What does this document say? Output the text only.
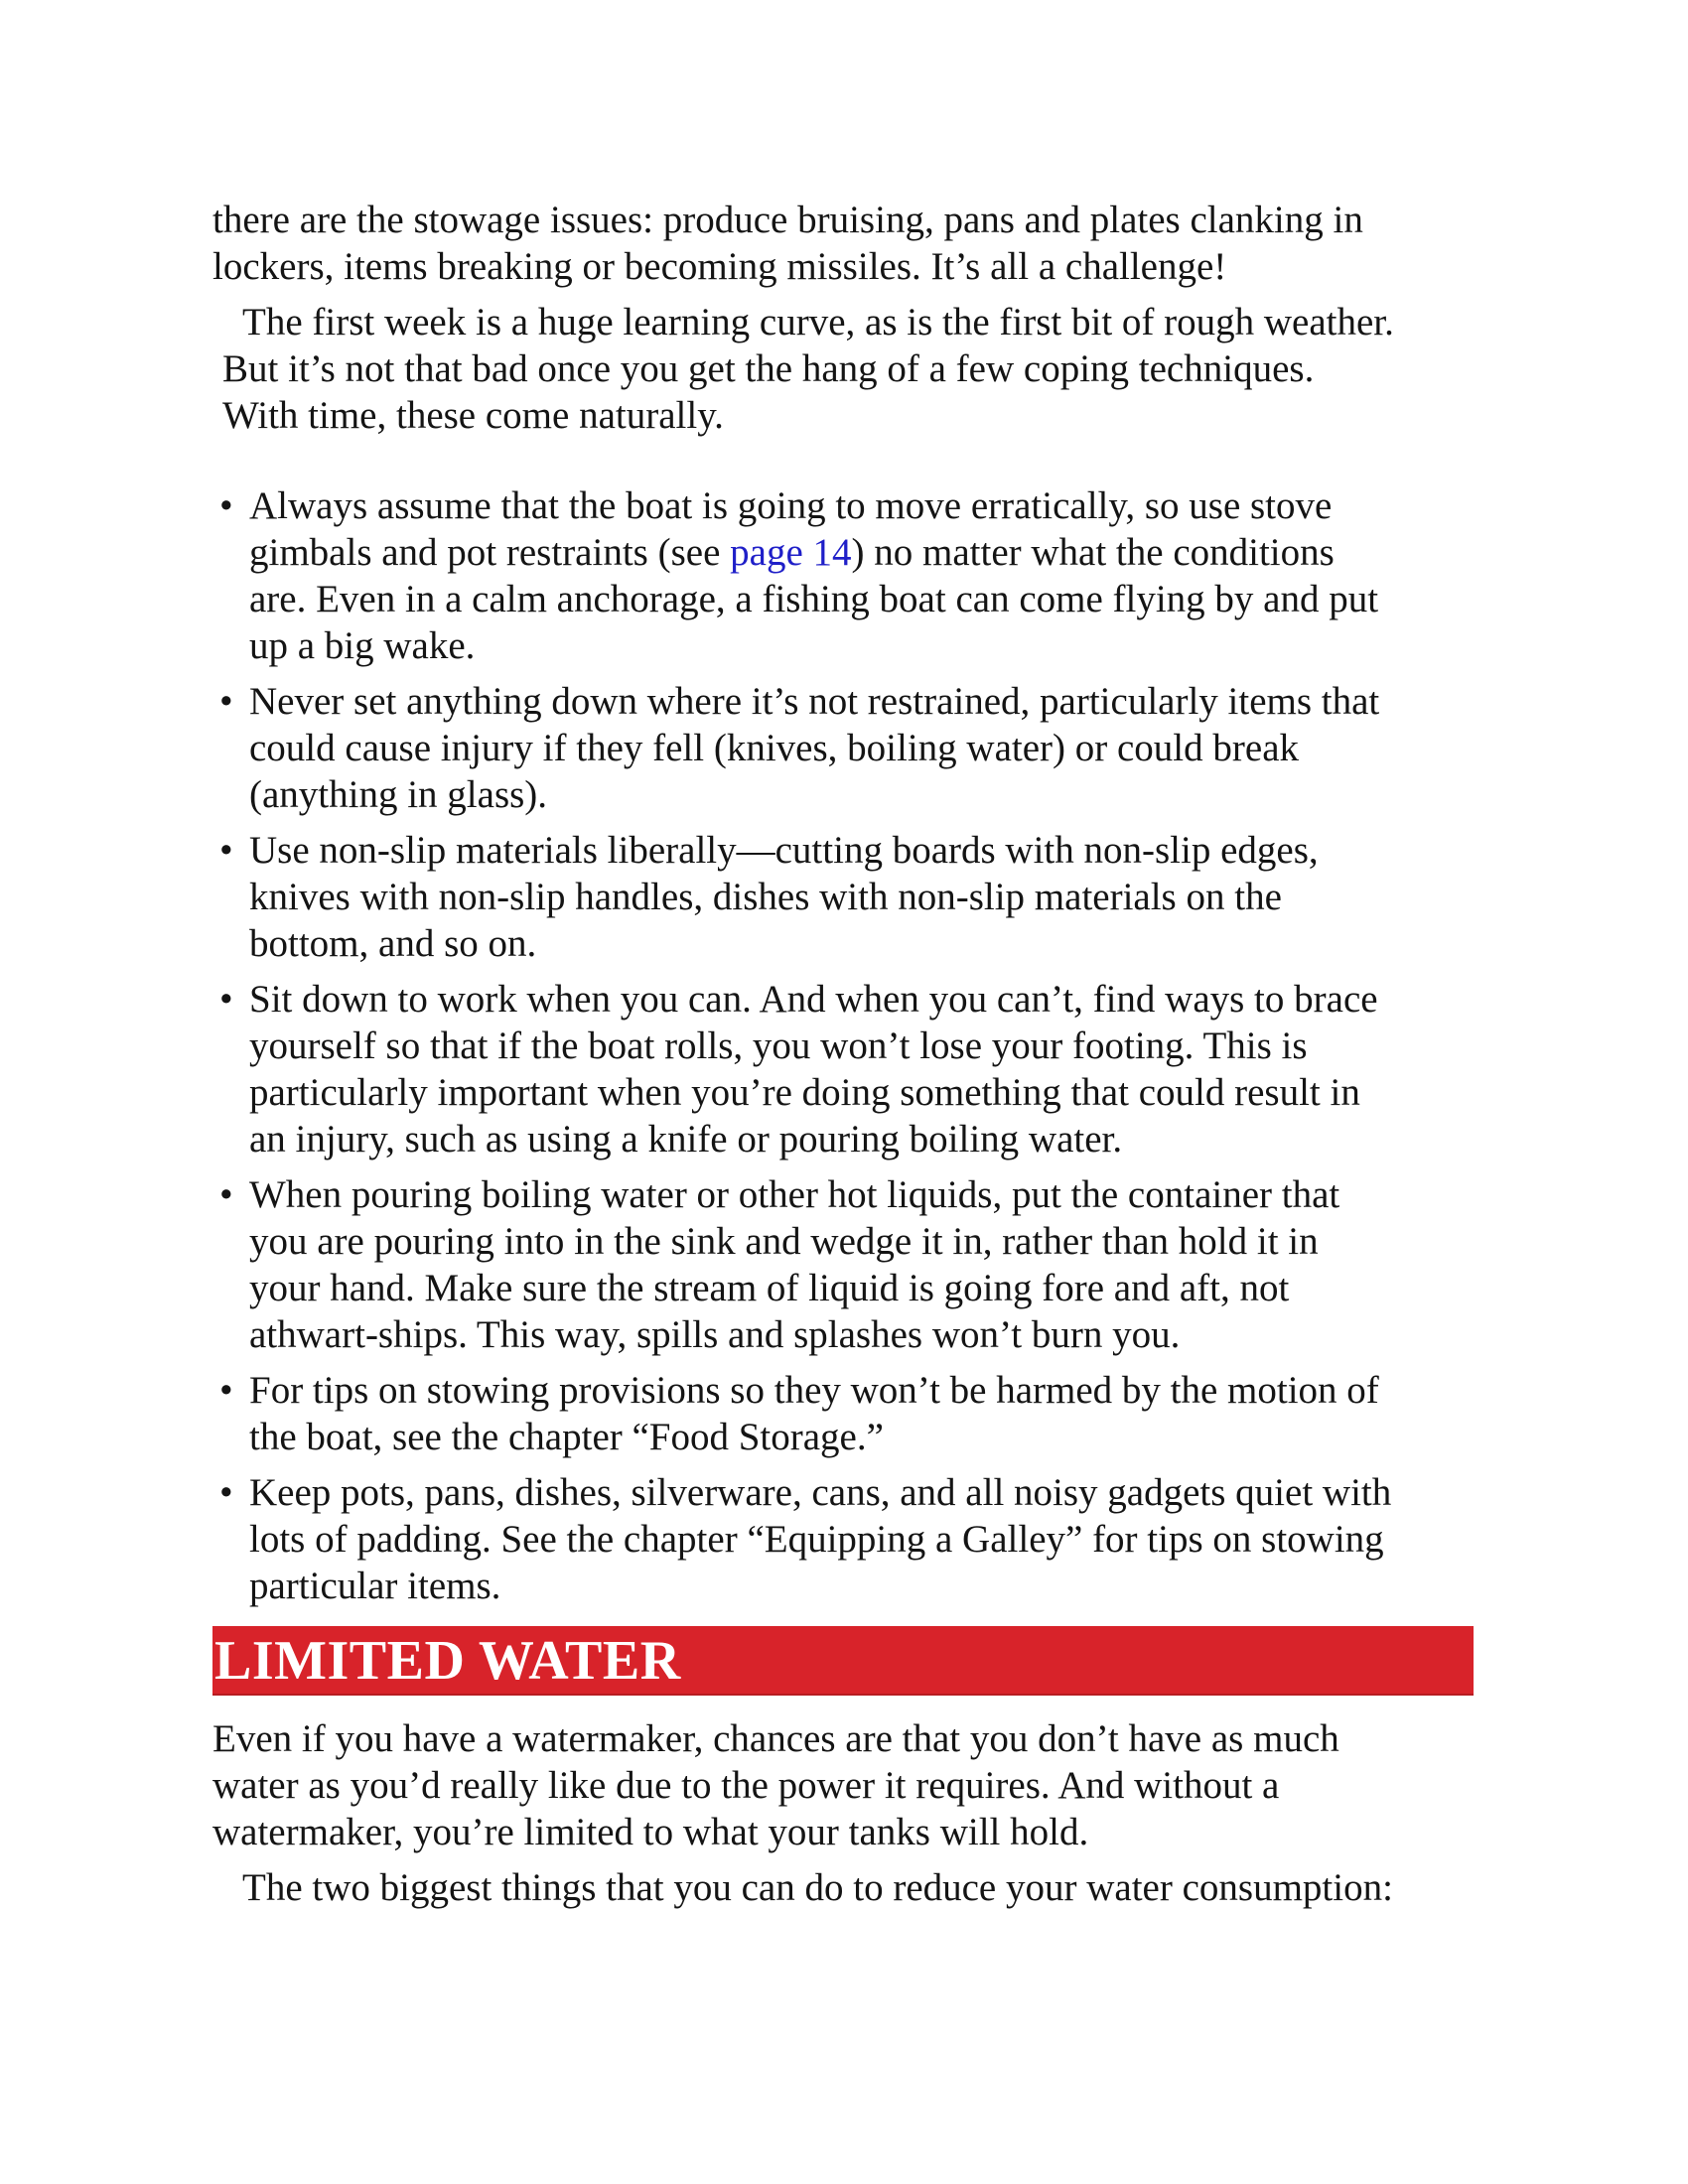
there are the stowage issues: produce bruising, pans and plates clanking in

lockers, items breaking or becoming missiles. It’s all a challenge!

The first week is a huge learning curve, as is the first bit of rough weather.

But it’s not that bad once you get the hang of a few coping techniques.

With time, these come naturally.

• Always assume that the boat is going to move erratically, so use stove

gimbals and pot restraints (see page 14) no matter what the conditions

are. Even in a calm anchorage, a fishing boat can come flying by and put

up a big wake.

• Never set anything down where it’s not restrained, particularly items that

could cause injury if they fell (knives, boiling water) or could break

(anything in glass).

• Use non-slip materials liberally—cutting boards with non-slip edges,

knives with non-slip handles, dishes with non-slip materials on the

bottom, and so on.

• Sit down to work when you can. And when you can’t, find ways to brace

yourself so that if the boat rolls, you won’t lose your footing. This is

particularly important when you’re doing something that could result in

an injury, such as using a knife or pouring boiling water.

• When pouring boiling water or other hot liquids, put the container that

you are pouring into in the sink and wedge it in, rather than hold it in

your hand. Make sure the stream of liquid is going fore and aft, not

athwart-ships. This way, spills and splashes won’t burn you.

• For tips on stowing provisions so they won’t be harmed by the motion of

the boat, see the chapter “Food Storage.”

• Keep pots, pans, dishes, silverware, cans, and all noisy gadgets quiet with

lots of padding. See the chapter “Equipping a Galley” for tips on stowing

particular items.

LIMITED WATER

Even if you have a watermaker, chances are that you don’t have as much

water as you’d really like due to the power it requires. And without a

watermaker, you’re limited to what your tanks will hold.

The two biggest things that you can do to reduce your water consumption:
